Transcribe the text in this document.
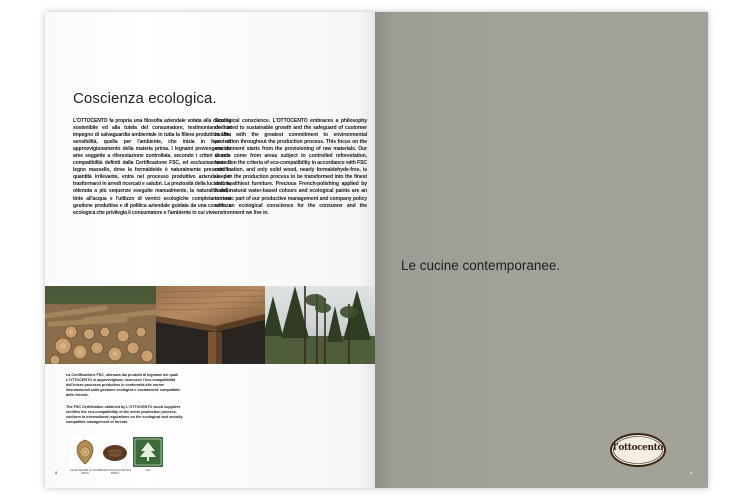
Coscienza ecologica.
L'OTTOCENTO fa propria una filosofia aziendale votata alla crescita sostenibile ed alla tutela del consumatore, testimoniando un impegno di salvaguardia ambientale in tutta la filiera produttiva. Una sensibilità, quella per l'ambiente, che inizia in fase di approvvigionamento della materia prima. I legnami provengono da aree soggette a riforestazione controllata, secondo i criteri di eco-compatibilità definiti dalla Certificazione FSC, ed esclusivamente il legno massello, dove la formaldeide è naturalmente presente in quantità irrilevante, entra nel processo produttivo aziendale per trasformarsi in arredi ricercati e salubri. La preziosità della lucidatura, ottenuta a più sequenze eseguite manualmente, la naturalità delle tinte all'acqua e l'utilizzo di vernici ecologiche completano una gestione produttiva e di politica aziendale guidata da una coscienza ecologica che privilegia il consumatore e l'ambiente in cui vive.
Ecological conscience. L'OTTOCENTO embraces a philosophy dedicated to sustainable growth and the safeguard of customer health, with the greatest commitment to environmental protection throughout the production process. This focus on the environment starts from the provisioning of raw materials. Our woods come from areas subject to controlled reforestation, based on the criteria of eco-compatibility in accordance with FSC certification, and only solid wood, nearly formaldehyde-free, is used in the production process to be transformed into the finest and healthiest furniture. Precious French-polishing applied by hand, natural water-based colours and ecological paints are an intrinsic part of our productive management and company policy with an ecological conscience for the consumer and the environment we live in.
La Certificazione FSC, ottenuta dai prodotti di legname dei quali L'OTTOCENTO si approvvigiona, riconosce l'eco-compatibilità dell'intero processo produttivo in conformità alle norme internazionali sulla gestione ecologica e socialmente compatibile delle foreste.
The FSC Certification obtained by L'OTTOCENTO wood suppliers certifies the eco-compatibility of the entire production process, conform to international regulations on the ecological and socially compatible management of forests.
LEGNO MASSELLO SOLID WOOD
VERNICI ECOLOGICHE ECO PAINTS
FSC
8
Le cucine contemporanee.
l'ottocento
9
